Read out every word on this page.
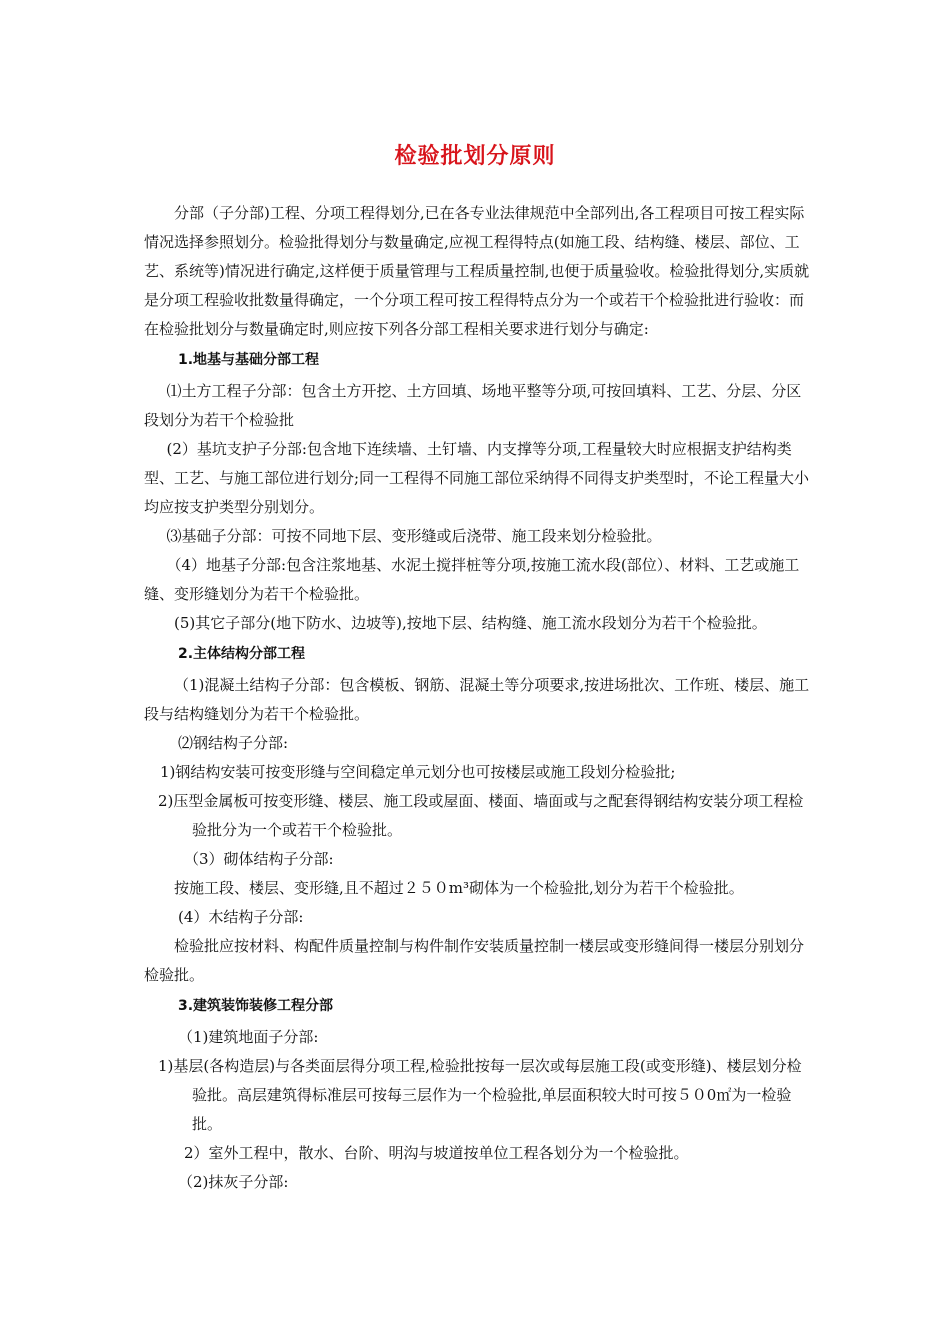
检验批划分原则

分部（子分部)工程、分项工程得划分,已在各专业法律规范中全部列出,各工程项目可按工程实际情况选择参照划分。检验批得划分与数量确定,应视工程得特点(如施工段、结构缝、楼层、部位、工艺、系统等)情况进行确定,这样便于质量管理与工程质量控制,也便于质量验收。检验批得划分,实质就是分项工程验收批数量得确定，一个分项工程可按工程得特点分为一个或若干个检验批进行验收：而在检验批划分与数量确定时,则应按下列各分部工程相关要求进行划分与确定:

1.地基与基础分部工程

⑴土方工程子分部：包含土方开挖、土方回填、场地平整等分项,可按回填料、工艺、分层、分区段划分为若干个检验批

(2）基坑支护子分部:包含地下连续墙、土钉墙、内支撑等分项,工程量较大时应根据支护结构类型、工艺、与施工部位进行划分;同一工程得不同施工部位采纳得不同得支护类型时，不论工程量大小均应按支护类型分别划分。

⑶基础子分部：可按不同地下层、变形缝或后浇带、施工段来划分检验批。

（4）地基子分部:包含注浆地基、水泥土搅拌桩等分项,按施工流水段(部位）、材料、工艺或施工缝、变形缝划分为若干个检验批。

(5)其它子部分(地下防水、边坡等),按地下层、结构缝、施工流水段划分为若干个检验批。

2.主体结构分部工程

（1)混凝土结构子分部：包含模板、钢筋、混凝土等分项要求,按进场批次、工作班、楼层、施工段与结构缝划分为若干个检验批。

⑵钢结构子分部:

1)钢结构安装可按变形缝与空间稳定单元划分也可按楼层或施工段划分检验批;

2)压型金属板可按变形缝、楼层、施工段或屋面、楼面、墙面或与之配套得钢结构安装分项工程检验批分为一个或若干个检验批。

（3）砌体结构子分部:

按施工段、楼层、变形缝,且不超过２５０m³砌体为一个检验批,划分为若干个检验批。

(4）木结构子分部:

检验批应按材料、构配件质量控制与构件制作安装质量控制一楼层或变形缝间得一楼层分别划分检验批。

3.建筑装饰装修工程分部

（1)建筑地面子分部:

1)基层(各构造层)与各类面层得分项工程,检验批按每一层次或每层施工段(或变形缝)、楼层划分检验批。高层建筑得标准层可按每三层作为一个检验批,单层面积较大时可按５０0㎡为一检验批。

2）室外工程中，散水、台阶、明沟与坡道按单位工程各划分为一个检验批。

（2)抹灰子分部:
